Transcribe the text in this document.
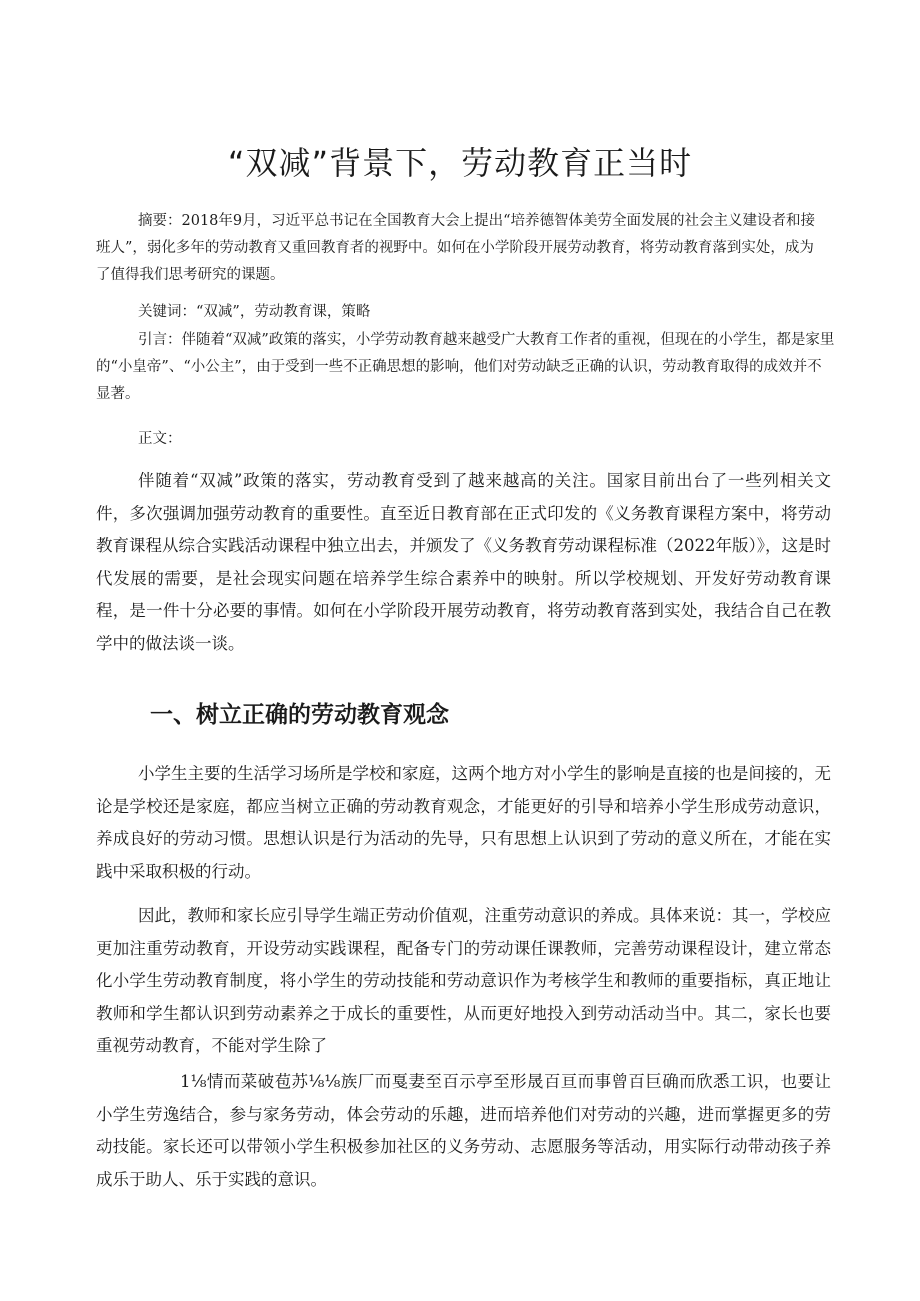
“双减”背景下，劳动教育正当时
摘要：2018年9月，习近平总书记在全国教育大会上提出“培养德智体美劳全面发展的社会主义建设者和接班人”，弱化多年的劳动教育又重回教育者的视野中。如何在小学阶段开展劳动教育，将劳动教育落到实处，成为了值得我们思考研究的课题。
关键词：“双减”，劳动教育课，策略
引言：伴随着“双减”政策的落实，小学劳动教育越来越受广大教育工作者的重视，但现在的小学生，都是家里的“小皇帝”、“小公主”，由于受到一些不正确思想的影响，他们对劳动缺乏正确的认识，劳动教育取得的成效并不显著。
正文：
伴随着“双减”政策的落实，劳动教育受到了越来越高的关注。国家目前出台了一些列相关文件，多次强调加强劳动教育的重要性。直至近日教育部在正式印发的《义务教育课程方案中，将劳动教育课程从综合实践活动课程中独立出去，并颁发了《义务教育劳动课程标准（2022年版）》，这是时代发展的需要，是社会现实问题在培养学生综合素养中的映射。所以学校规划、开发好劳动教育课程，是一件十分必要的事情。如何在小学阶段开展劳动教育，将劳动教育落到实处，我结合自己在教学中的做法谈一谈。
一、树立正确的劳动教育观念
小学生主要的生活学习场所是学校和家庭，这两个地方对小学生的影响是直接的也是间接的，无论是学校还是家庭，都应当树立正确的劳动教育观念，才能更好的引导和培养小学生形成劳动意识，养成良好的劳动习惯。思想认识是行为活动的先导，只有思想上认识到了劳动的意义所在，才能在实践中采取积极的行动。
因此，教师和家长应引导学生端正劳动价值观，注重劳动意识的养成。具体来说：其一，学校应更加注重劳动教育，开设劳动实践课程，配备专门的劳动课任课教师，完善劳动课程设计，建立常态化小学生劳动教育制度，将小学生的劳动技能和劳动意识作为考核学生和教师的重要指标，真正地让教师和学生都认识到劳动素养之于成长的重要性，从而更好地投入到劳动活动当中。其二，家长也要重视劳动教育，不能对学生除了
1⅛情而菜破苞苏⅛⅛族厂而戛妻至百示亭至形晟百亘而事曾百巨确而欣悉工识，也要让小学生劳逸结合，参与家务劳动，体会劳动的乐趣，进而培养他们对劳动的兴趣，进而掌握更多的劳动技能。家长还可以带领小学生积极参加社区的义务劳动、志愿服务等活动，用实际行动带动孩子养成乐于助人、乐于实践的意识。
